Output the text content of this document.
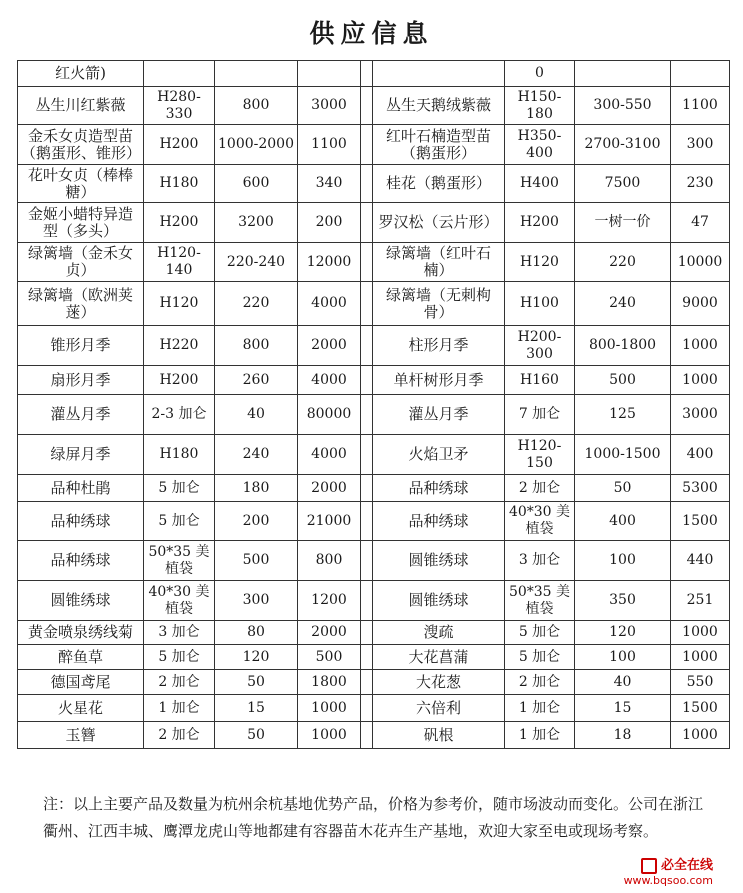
供应信息
红火箭)						0		
丛生川红紫薇	H280-330	800	3000		丛生天鹅绒紫薇	H150-180	300-550	1100
金禾女贞造型苗（鹅蛋形、锥形）	H200	1000-2000	1100		红叶石楠造型苗（鹅蛋形）	H350-400	2700-3100	300
花叶女贞（棒棒糖）	H180	600	340		桂花（鹅蛋形）	H400	7500	230
金姬小蜡特异造型（多头）	H200	3200	200		罗汉松（云片形）	H200	一树一价	47
绿篱墙（金禾女贞）	H120-140	220-240	12000		绿篱墙（红叶石楠）	H120	220	10000
绿篱墙（欧洲荚蒾）	H120	220	4000		绿篱墙（无刺枸骨）	H100	240	9000
锥形月季	H220	800	2000		柱形月季	H200-300	800-1800	1000
扇形月季	H200	260	4000		单杆树形月季	H160	500	1000
灌丛月季	2-3 加仑	40	80000		灌丛月季	7 加仑	125	3000
绿屏月季	H180	240	4000		火焰卫矛	H120-150	1000-1500	400
品种杜鹃	5 加仑	180	2000		品种绣球	2 加仑	50	5300
品种绣球	5 加仑	200	21000		品种绣球	40*30 美植袋	400	1500
品种绣球	50*35 美植袋	500	800		圆锥绣球	3 加仑	100	440
圆锥绣球	40*30 美植袋	300	1200		圆锥绣球	50*35 美植袋	350	251
黄金喷泉绣线菊	3 加仑	80	2000		溲疏	5 加仑	120	1000
醉鱼草	5 加仑	120	500		大花菖蒲	5 加仑	100	1000
德国鸢尾	2 加仑	50	1800		大花葱	2 加仑	40	550
火星花	1 加仑	15	1000		六倍利	1 加仑	15	1500
玉簪	2 加仑	50	1000		矾根	1 加仑	18	1000
注：以上主要产品及数量为杭州余杭基地优势产品，价格为参考价，随市场波动而变化。公司在浙江衢州、江西丰城、鹰潭龙虎山等地都建有容器苗木花卉生产基地，欢迎大家至电或现场考察。
必全在线
www.bqsoo.com
